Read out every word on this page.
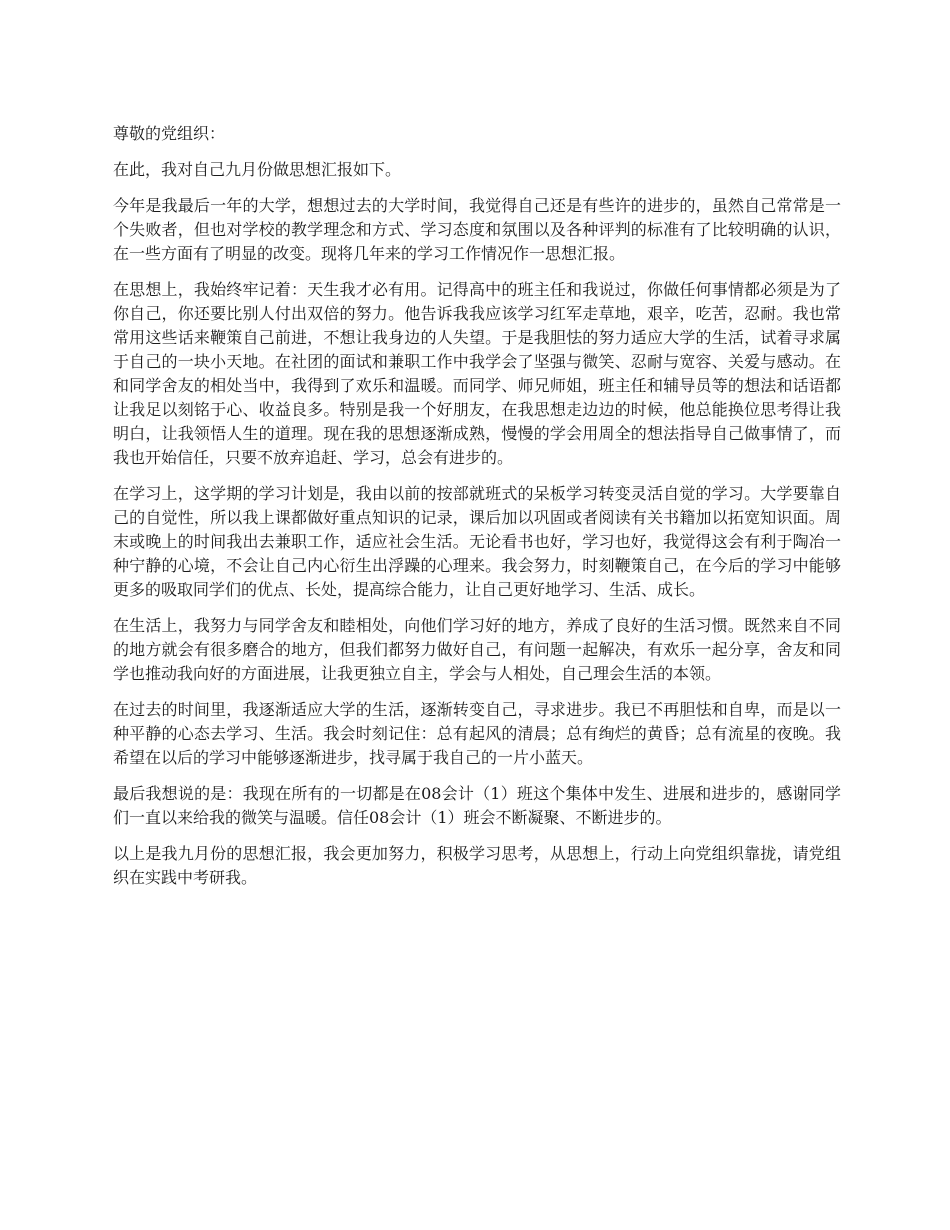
尊敬的党组织：

在此，我对自己九月份做思想汇报如下。

今年是我最后一年的大学，想想过去的大学时间，我觉得自己还是有些许的进步的，虽然自己常常是一个失败者，但也对学校的教学理念和方式、学习态度和氛围以及各种评判的标准有了比较明确的认识，在一些方面有了明显的改变。现将几年来的学习工作情况作一思想汇报。

在思想上，我始终牢记着：天生我才必有用。记得高中的班主任和我说过，你做任何事情都必须是为了你自己，你还要比别人付出双倍的努力。他告诉我我应该学习红军走草地，艰辛，吃苦，忍耐。我也常常用这些话来鞭策自己前进，不想让我身边的人失望。于是我胆怯的努力适应大学的生活，试着寻求属于自己的一块小天地。在社团的面试和兼职工作中我学会了坚强与微笑、忍耐与宽容、关爱与感动。在和同学舍友的相处当中，我得到了欢乐和温暖。而同学、师兄师姐，班主任和辅导员等的想法和话语都让我足以刻铭于心、收益良多。特别是我一个好朋友，在我思想走边边的时候，他总能换位思考得让我明白，让我领悟人生的道理。现在我的思想逐渐成熟，慢慢的学会用周全的想法指导自己做事情了，而我也开始信任，只要不放弃追赶、学习，总会有进步的。

在学习上，这学期的学习计划是，我由以前的按部就班式的呆板学习转变灵活自觉的学习。大学要靠自己的自觉性，所以我上课都做好重点知识的记录，课后加以巩固或者阅读有关书籍加以拓宽知识面。周末或晚上的时间我出去兼职工作，适应社会生活。无论看书也好，学习也好，我觉得这会有利于陶冶一种宁静的心境，不会让自己内心衍生出浮躁的心理来。我会努力，时刻鞭策自己，在今后的学习中能够更多的吸取同学们的优点、长处，提高综合能力，让自己更好地学习、生活、成长。

在生活上，我努力与同学舍友和睦相处，向他们学习好的地方，养成了良好的生活习惯。既然来自不同的地方就会有很多磨合的地方，但我们都努力做好自己，有问题一起解决，有欢乐一起分享，舍友和同学也推动我向好的方面进展，让我更独立自主，学会与人相处，自己理会生活的本领。

在过去的时间里，我逐渐适应大学的生活，逐渐转变自己，寻求进步。我已不再胆怯和自卑，而是以一种平静的心态去学习、生活。我会时刻记住：总有起风的清晨；总有绚烂的黄昏；总有流星的夜晚。我希望在以后的学习中能够逐渐进步，找寻属于我自己的一片小蓝天。

最后我想说的是：我现在所有的一切都是在08会计（1）班这个集体中发生、进展和进步的，感谢同学们一直以来给我的微笑与温暖。信任08会计（1）班会不断凝聚、不断进步的。

以上是我九月份的思想汇报，我会更加努力，积极学习思考，从思想上，行动上向党组织靠拢，请党组织在实践中考研我。
